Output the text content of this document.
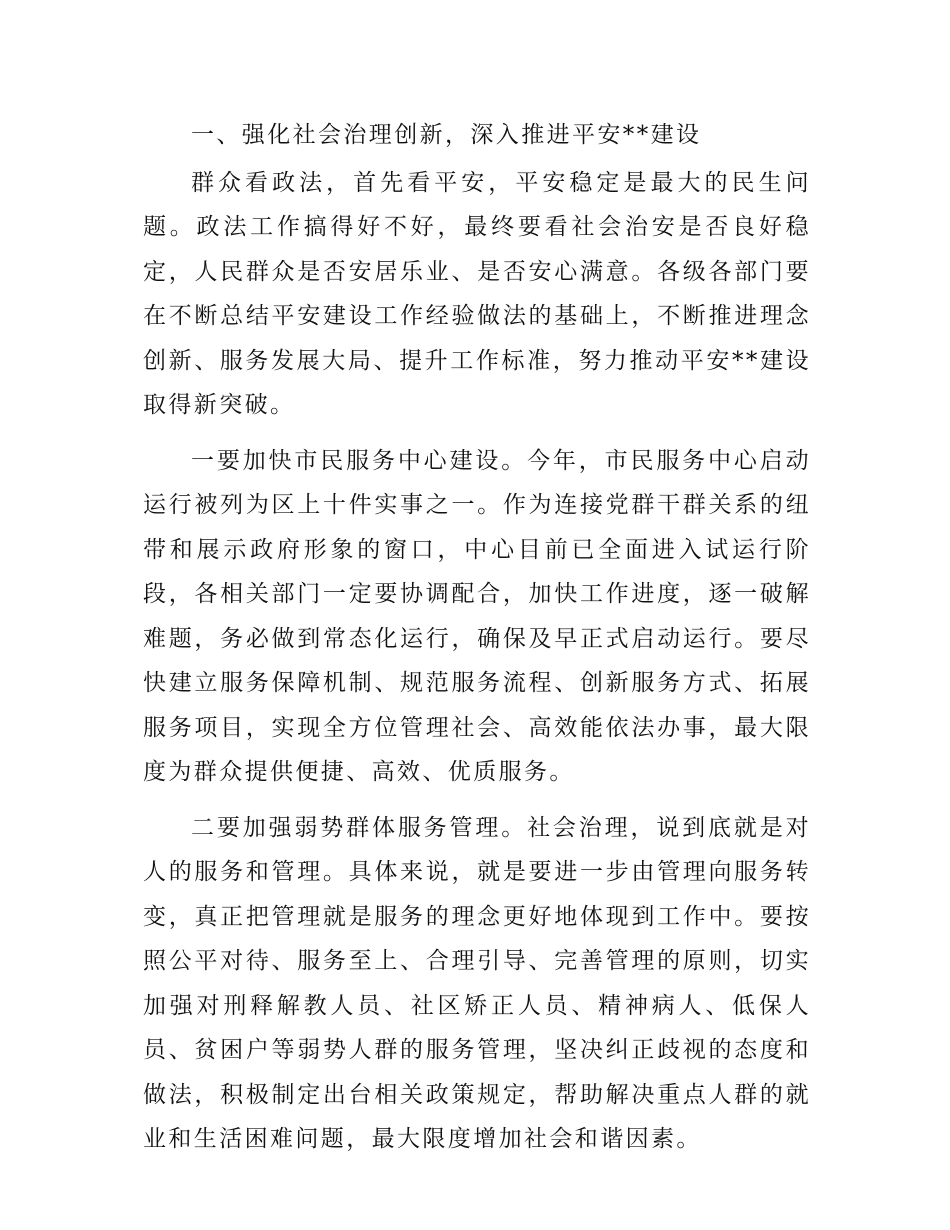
一、强化社会治理创新，深入推进平安**建设

群众看政法，首先看平安，平安稳定是最大的民生问题。政法工作搞得好不好，最终要看社会治安是否良好稳定，人民群众是否安居乐业、是否安心满意。各级各部门要在不断总结平安建设工作经验做法的基础上，不断推进理念创新、服务发展大局、提升工作标准，努力推动平安**建设取得新突破。

一要加快市民服务中心建设。今年，市民服务中心启动运行被列为区上十件实事之一。作为连接党群干群关系的纽带和展示政府形象的窗口，中心目前已全面进入试运行阶段，各相关部门一定要协调配合，加快工作进度，逐一破解难题，务必做到常态化运行，确保及早正式启动运行。要尽快建立服务保障机制、规范服务流程、创新服务方式、拓展服务项目，实现全方位管理社会、高效能依法办事，最大限度为群众提供便捷、高效、优质服务。

二要加强弱势群体服务管理。社会治理，说到底就是对人的服务和管理。具体来说，就是要进一步由管理向服务转变，真正把管理就是服务的理念更好地体现到工作中。要按照公平对待、服务至上、合理引导、完善管理的原则，切实加强对刑释解教人员、社区矫正人员、精神病人、低保人员、贫困户等弱势人群的服务管理，坚决纠正歧视的态度和做法，积极制定出台相关政策规定，帮助解决重点人群的就业和生活困难问题，最大限度增加社会和谐因素。
